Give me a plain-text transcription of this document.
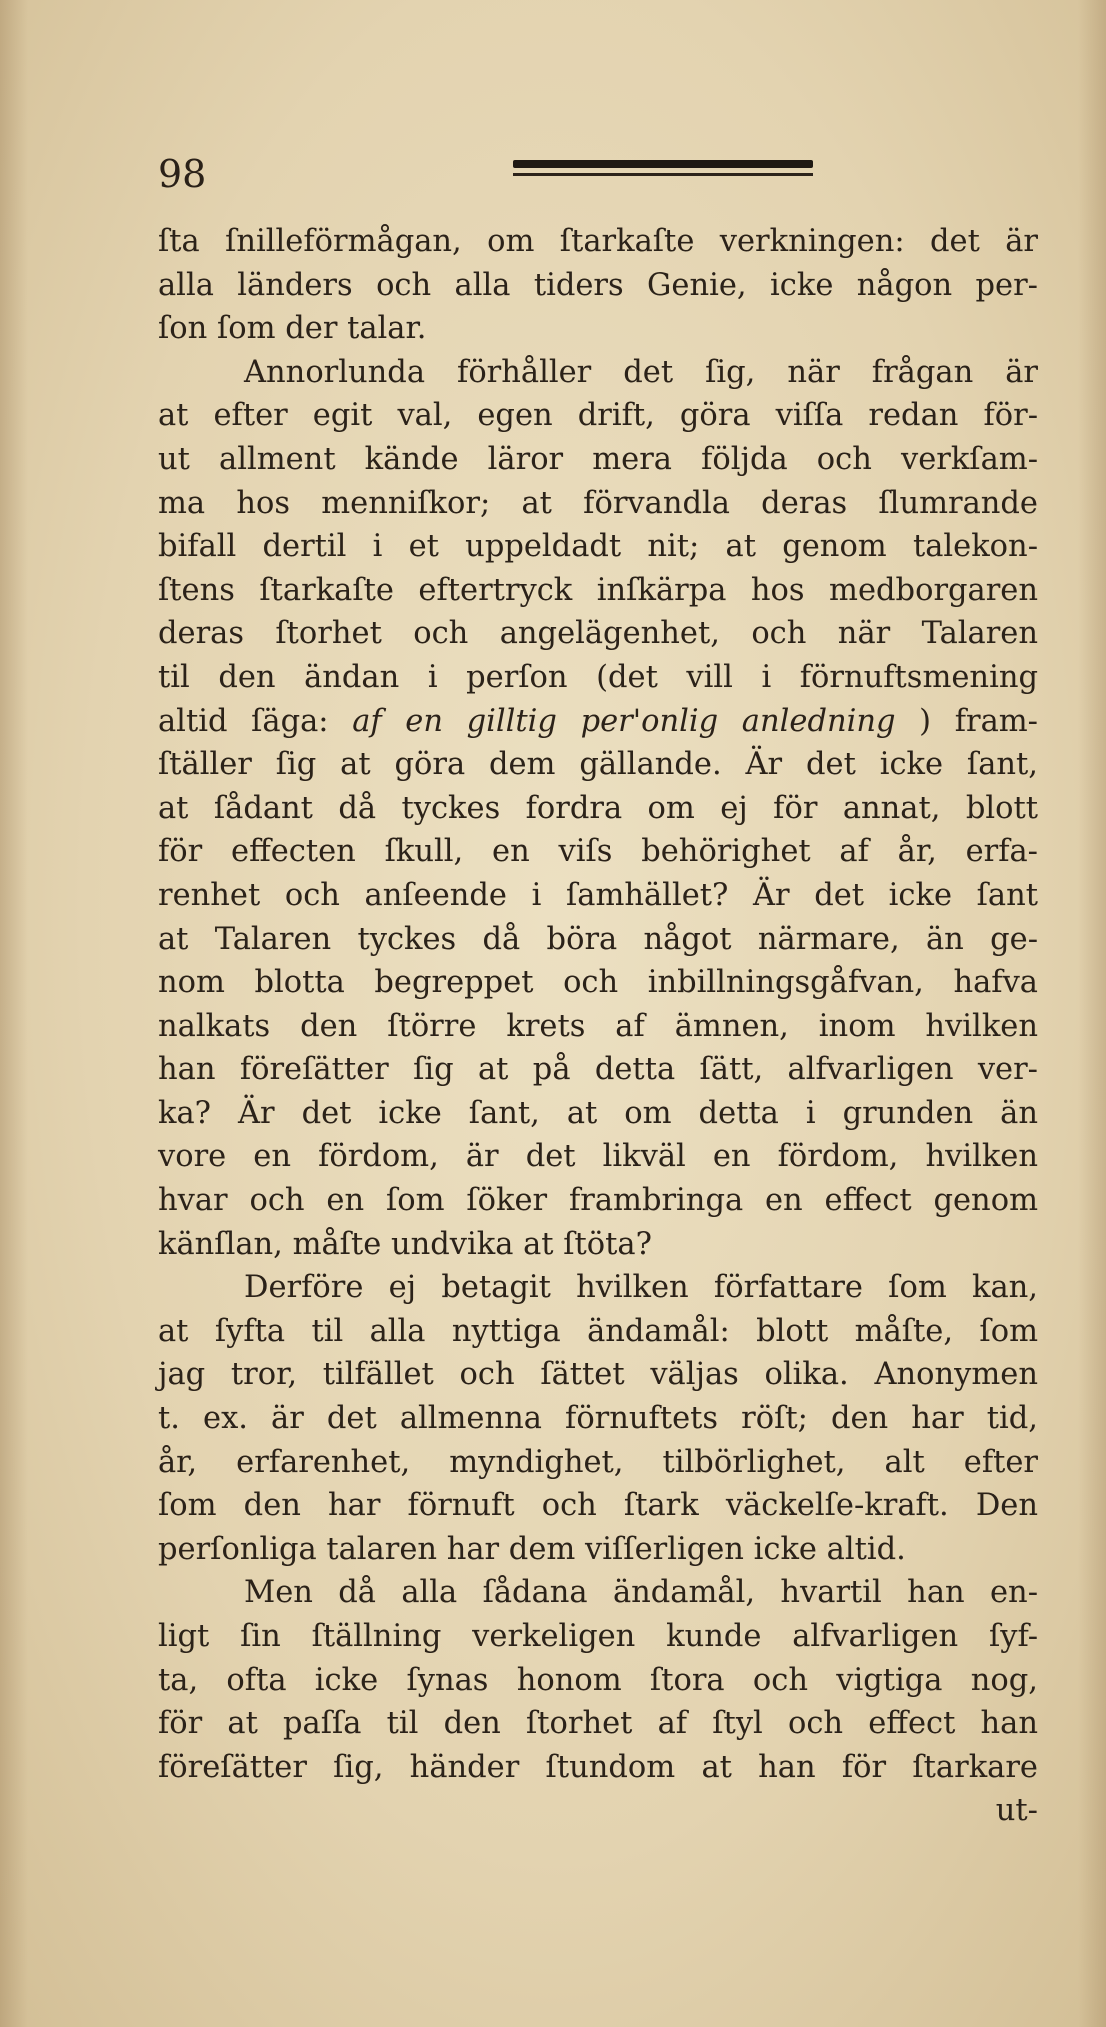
98
ſta ſnilleförmågan, om ſtarkaſte verkningen: det är
alla länders och alla tiders Genie, icke någon per-
ſon ſom der talar.
Annorlunda förhåller det ſig, när frågan är
at efter egit val, egen drift, göra viſſa redan för-
ut allment kände läror mera följda och verkſam-
ma hos menniſkor; at förvandla deras ſlumrande
bifall dertil i et uppeldadt nit; at genom talekon-
ſtens ſtarkaſte eftertryck inſkärpa hos medborgaren
deras ſtorhet och angelägenhet, och när Talaren
til den ändan i perſon (det vill i förnuftsmening
altid ſäga: af en gilltig per'onlig anledning ) fram-
ſtäller ſig at göra dem gällande. Är det icke ſant,
at ſådant då tyckes fordra om ej för annat, blott
för effecten ſkull, en viſs behörighet af år, erfa-
renhet och anſeende i ſamhället? Är det icke ſant
at Talaren tyckes då böra något närmare, än ge-
nom blotta begreppet och inbillningsgåfvan, hafva
nalkats den ſtörre krets af ämnen, inom hvilken
han föreſätter ſig at på detta ſätt, alfvarligen ver-
ka? Är det icke ſant, at om detta i grunden än
vore en fördom, är det likväl en fördom, hvilken
hvar och en ſom ſöker frambringa en effect genom
känſlan, måſte undvika at ſtöta?
Derföre ej betagit hvilken författare ſom kan,
at ſyfta til alla nyttiga ändamål: blott måſte, ſom
jag tror, tilfället och ſättet väljas olika. Anonymen
t. ex. är det allmenna förnuftets röſt; den har tid,
år, erfarenhet, myndighet, tilbörlighet, alt efter
ſom den har förnuft och ſtark väckelſe-kraft. Den
perſonliga talaren har dem viſſerligen icke altid.
Men då alla ſådana ändamål, hvartil han en-
ligt ſin ſtällning verkeligen kunde alfvarligen ſyf-
ta, ofta icke ſynas honom ſtora och vigtiga nog,
för at paſſa til den ſtorhet af ſtyl och effect han
föreſätter ſig, händer ſtundom at han för ſtarkare
ut-
